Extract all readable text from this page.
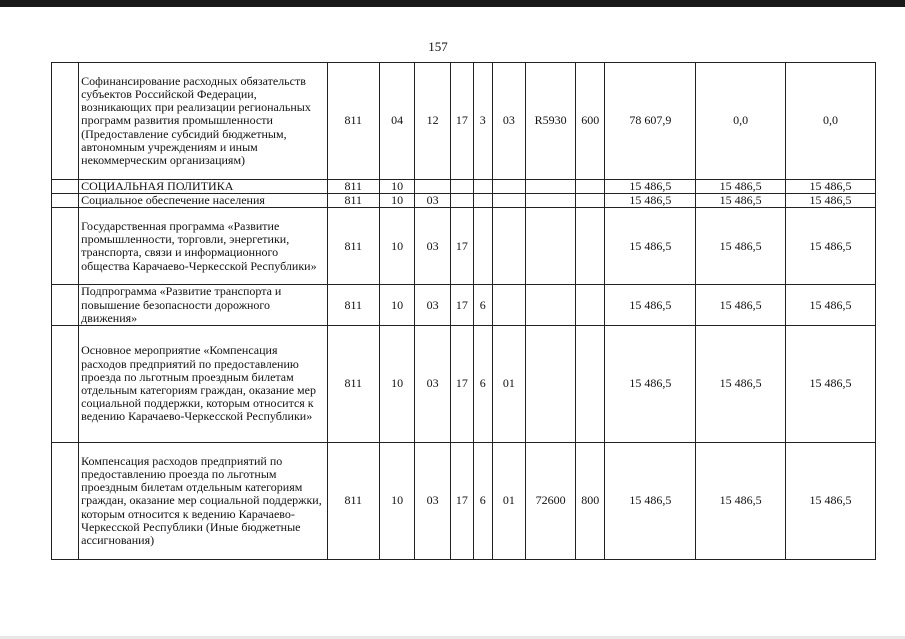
157
	Софинансирование расходных обязательств субъектов Российской Федерации, возникающих при реализации региональных программ развития промышленности (Предоставление субсидий бюджетным, автономным учреждениям и иным некоммерческим организациям)	811	04	12	17	3	03	R5930	600	78 607,9	0,0	0,0
	СОЦИАЛЬНАЯ ПОЛИТИКА	811	10							15 486,5	15 486,5	15 486,5
	Социальное обеспечение населения	811	10	03						15 486,5	15 486,5	15 486,5
	Государственная программа «Развитие промышленности, торговли, энергетики, транспорта, связи и информационного общества Карачаево-Черкесской Республики»	811	10	03	17					15 486,5	15 486,5	15 486,5
	Подпрограмма «Развитие транспорта и повышение безопасности дорожного движения»	811	10	03	17	6				15 486,5	15 486,5	15 486,5
	Основное мероприятие «Компенсация расходов предприятий по предоставлению проезда по льготным проездным билетам отдельным категориям граждан, оказание мер социальной поддержки, которым относится к ведению Карачаево-Черкесской Республики»	811	10	03	17	6	01			15 486,5	15 486,5	15 486,5
	Компенсация расходов предприятий по предоставлению проезда по льготным проездным билетам отдельным категориям граждан, оказание мер социальной поддержки, которым относится к ведению Карачаево-Черкесской Республики (Иные бюджетные ассигнования)	811	10	03	17	6	01	72600	800	15 486,5	15 486,5	15 486,5
